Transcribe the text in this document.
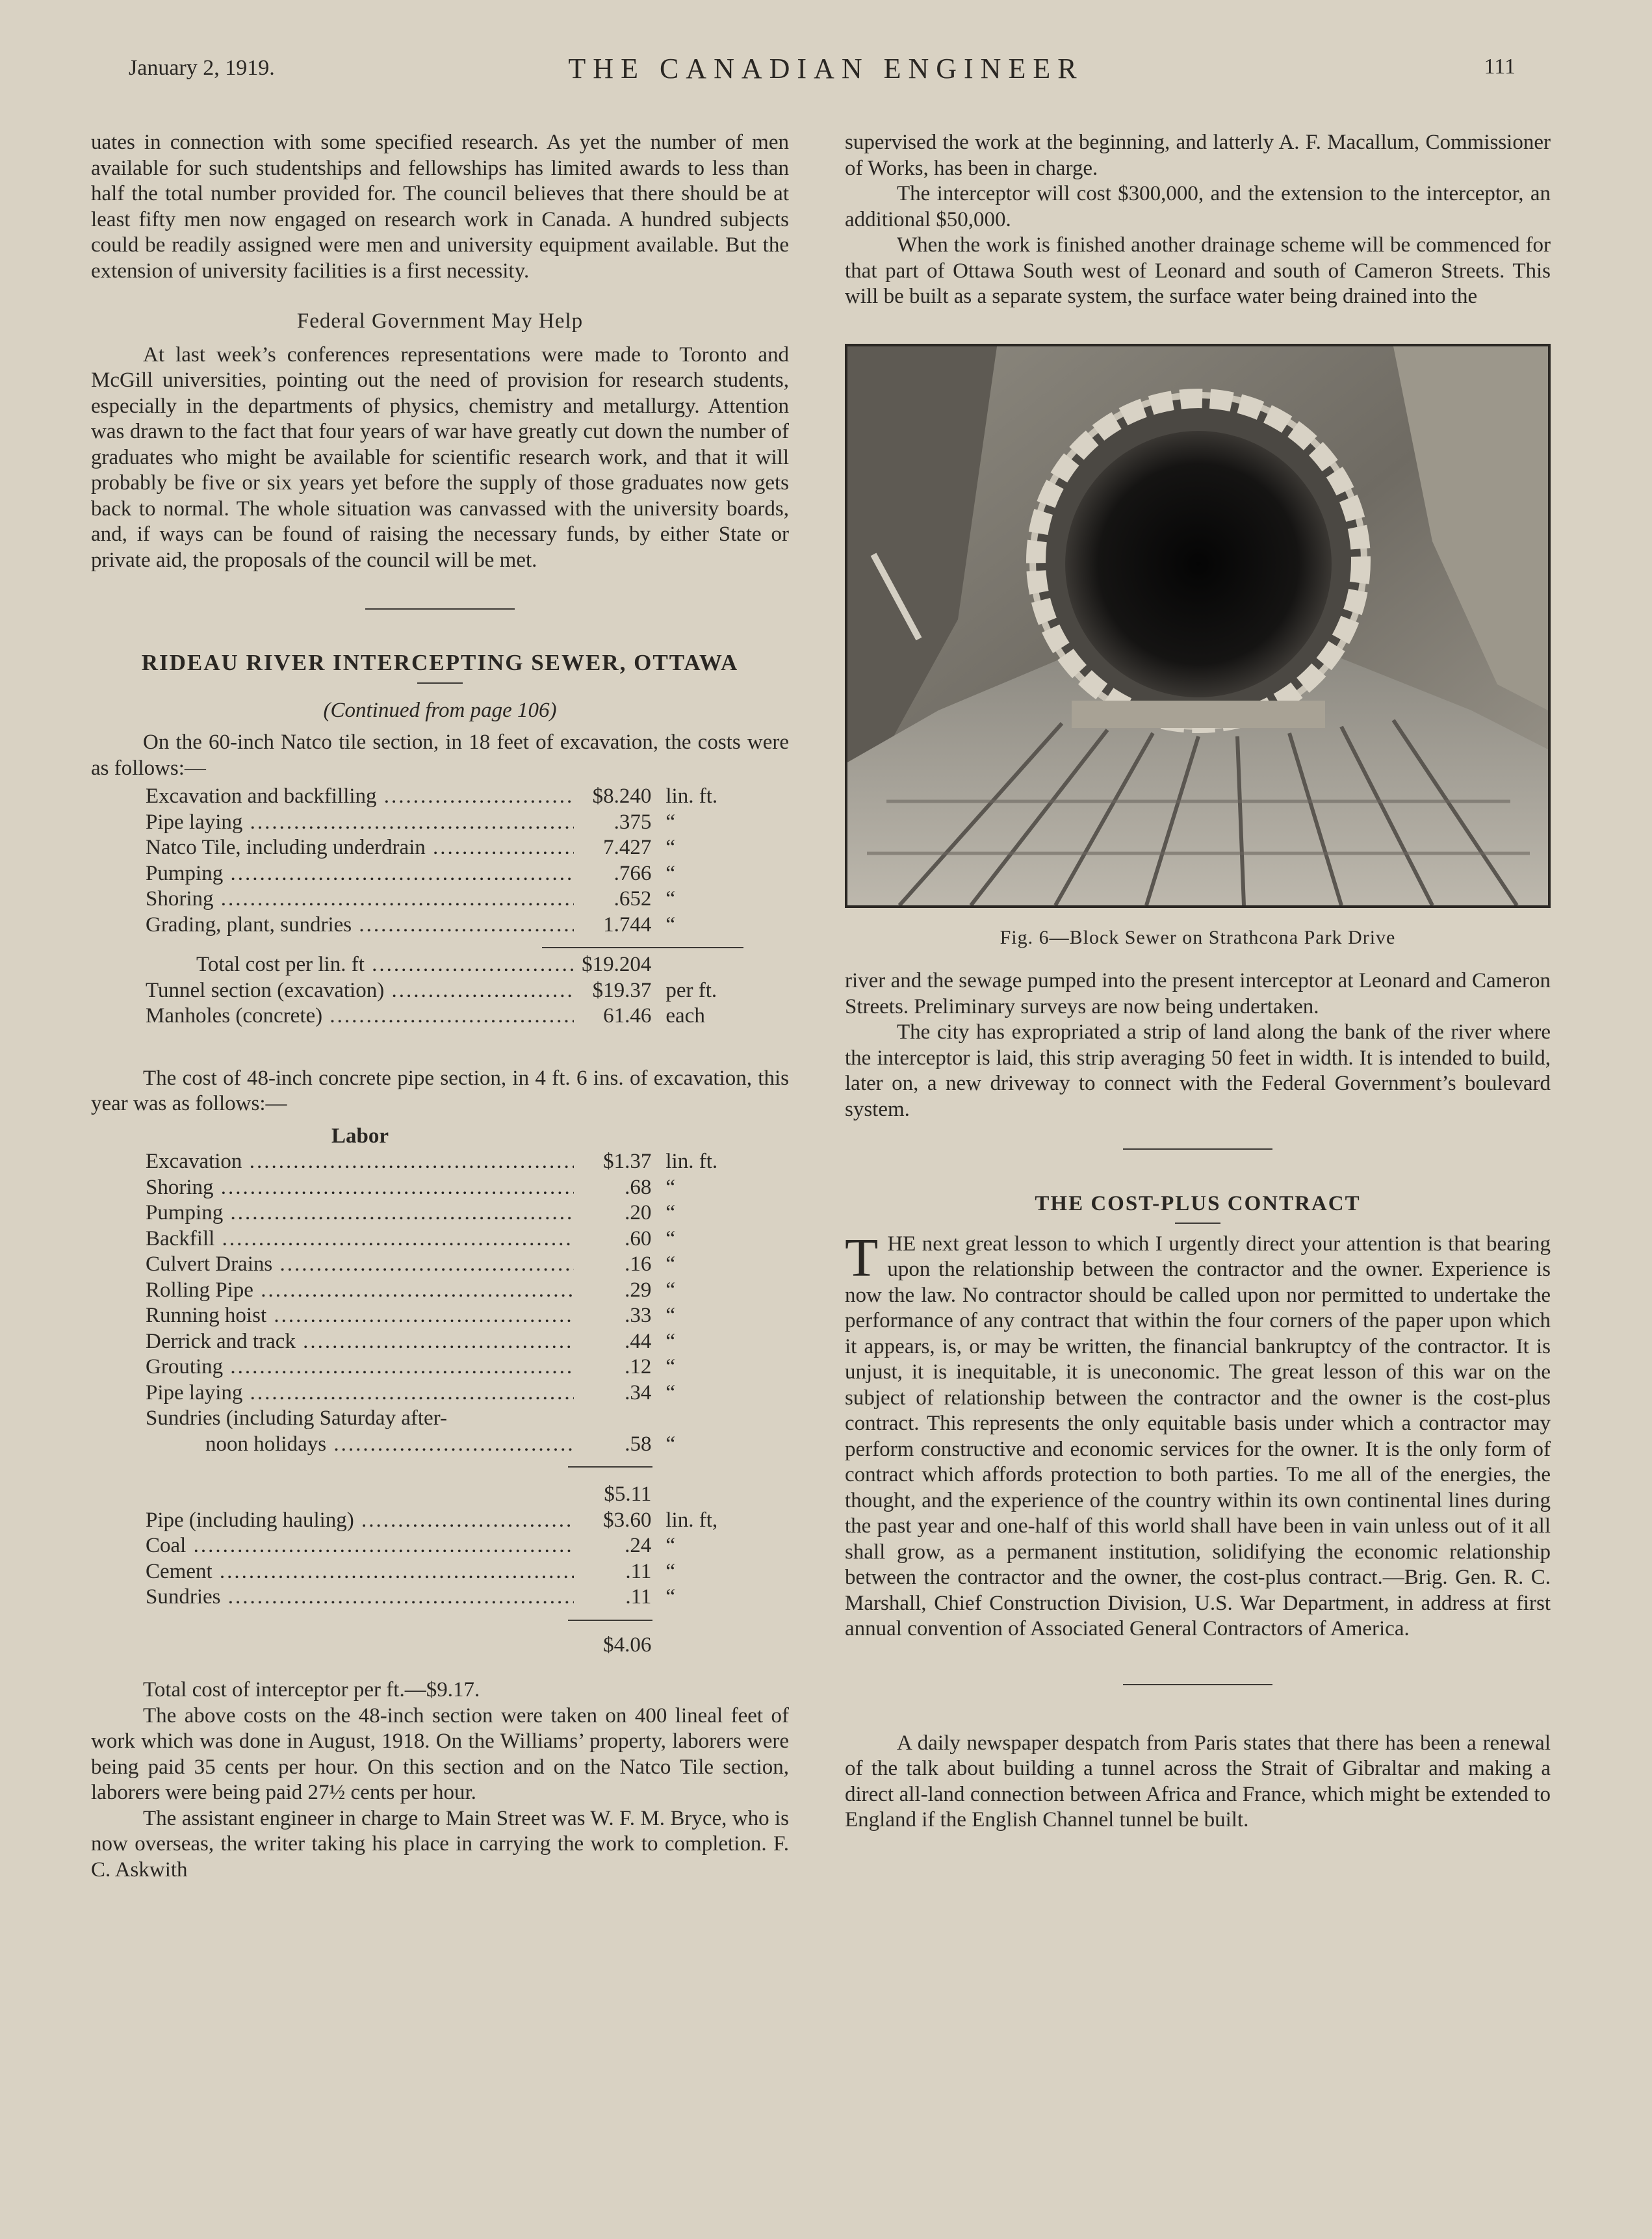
January 2, 1919.	THE CANADIAN ENGINEER	111

uates in connection with some specified research. As yet the number of men available for such studentships and fellowships has limited awards to less than half the total number provided for. The council believes that there should be at least fifty men now engaged on research work in Canada. A hundred subjects could be readily assigned were men and university equipment available. But the extension of university facilities is a first necessity.

Federal Government May Help

At last week’s conferences representations were made to Toronto and McGill universities, pointing out the need of provision for research students, especially in the departments of physics, chemistry and metallurgy. Attention was drawn to the fact that four years of war have greatly cut down the number of graduates who might be available for scientific research work, and that it will probably be five or six years yet before the supply of those graduates now gets back to normal. The whole situation was canvassed with the university boards, and, if ways can be found of raising the necessary funds, by either State or private aid, the proposals of the council will be met.

RIDEAU RIVER INTERCEPTING SEWER, OTTAWA
(Continued from page 106)

On the 60-inch Natco tile section, in 18 feet of excavation, the costs were as follows:—

Excavation and backfilling .....	$8.240 lin. ft.
Pipe laying .....	.375 “
Natco Tile, including underdrain .....	7.427 “
Pumping .....	.766 “
Shoring .....	.652 “
Grading, plant, sundries .....	1.744 “
Total cost per lin. ft .....	$19.204
Tunnel section (excavation) .....	$19.37 per ft.
Manholes (concrete) .....	61.46 each

The cost of 48-inch concrete pipe section, in 4 ft. 6 ins. of excavation, this year was as follows:—

Labor
Excavation .....	$1.37 lin. ft.
Shoring .....	.68 “
Pumping .....	.20 “
Backfill .....	.60 “
Culvert Drains .....	.16 “
Rolling Pipe .....	.29 “
Running hoist .....	.33 “
Derrick and track .....	.44 “
Grouting .....	.12 “
Pipe laying .....	.34 “
Sundries (including Saturday after-
noon holidays .....	.58 “
$5.11
Pipe (including hauling) .....	$3.60 lin. ft,
Coal .....	.24 “
Cement .....	.11 “
Sundries .....	.11 “
$4.06

Total cost of interceptor per ft.—$9.17.

The above costs on the 48-inch section were taken on 400 lineal feet of work which was done in August, 1918. On the Williams’ property, laborers were being paid 35 cents per hour. On this section and on the Natco Tile section, laborers were being paid 27½ cents per hour.

The assistant engineer in charge to Main Street was W. F. M. Bryce, who is now overseas, the writer taking his place in carrying the work to completion. F. C. Askwith

supervised the work at the beginning, and latterly A. F. Macallum, Commissioner of Works, has been in charge.

The interceptor will cost $300,000, and the extension to the interceptor, an additional $50,000.

When the work is finished another drainage scheme will be commenced for that part of Ottawa South west of Leonard and south of Cameron Streets. This will be built as a separate system, the surface water being drained into the

Fig. 6—Block Sewer on Strathcona Park Drive

river and the sewage pumped into the present interceptor at Leonard and Cameron Streets. Preliminary surveys are now being undertaken.

The city has expropriated a strip of land along the bank of the river where the interceptor is laid, this strip averaging 50 feet in width. It is intended to build, later on, a new driveway to connect with the Federal Government’s boulevard system.

THE COST-PLUS CONTRACT

THE next great lesson to which I urgently direct your attention is that bearing upon the relationship between the contractor and the owner. Experience is now the law. No contractor should be called upon nor permitted to undertake the performance of any contract that within the four corners of the paper upon which it appears, is, or may be written, the financial bankruptcy of the contractor. It is unjust, it is inequitable, it is uneconomic. The great lesson of this war on the subject of relationship between the contractor and the owner is the cost-plus contract. This represents the only equitable basis under which a contractor may perform constructive and economic services for the owner. It is the only form of contract which affords protection to both parties. To me all of the energies, the thought, and the experience of the country within its own continental lines during the past year and one-half of this world shall have been in vain unless out of it all shall grow, as a permanent institution, solidifying the economic relationship between the contractor and the owner, the cost-plus contract.—Brig. Gen. R. C. Marshall, Chief Construction Division, U.S. War Department, in address at first annual convention of Associated General Contractors of America.

A daily newspaper despatch from Paris states that there has been a renewal of the talk about building a tunnel across the Strait of Gibraltar and making a direct all-land connection between Africa and France, which might be extended to England if the English Channel tunnel be built.
